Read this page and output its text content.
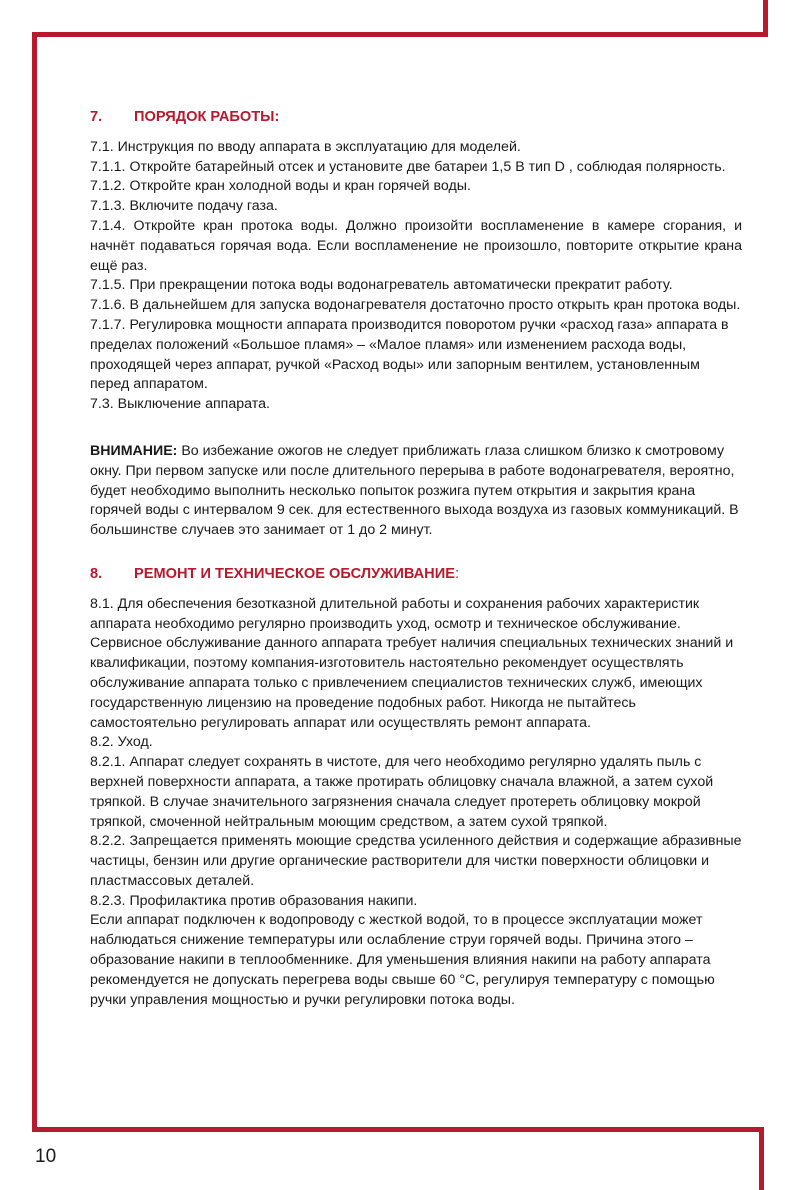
7. ПОРЯДОК РАБОТЫ:

7.1. Инструкция по вводу аппарата в эксплуатацию для моделей.

7.1.1. Откройте батарейный отсек и установите две батареи 1,5 В тип D , соблюдая полярность.

7.1.2. Откройте кран холодной воды и кран горячей воды.

7.1.3. Включите подачу газа.

7.1.4. Откройте кран протока воды. Должно произойти воспламенение в камере сгорания, и начнёт подаваться горячая вода. Если воспламенение не произошло, повторите открытие крана ещё раз.

7.1.5. При прекращении потока воды водонагреватель автоматически прекратит работу.

7.1.6. В дальнейшем для запуска водонагревателя достаточно просто открыть кран протока воды.

7.1.7. Регулировка мощности аппарата производится поворотом ручки «расход газа» аппарата в пределах положений «Большое пламя» – «Малое пламя» или изменением расхода воды, проходящей через аппарат, ручкой «Расход воды» или запорным вентилем, установленным перед аппаратом.

7.3. Выключение аппарата.

ВНИМАНИЕ: Во избежание ожогов не следует приближать глаза слишком близко к смотровому окну. При первом запуске или после длительного перерыва в работе водонагревателя, вероятно, будет необходимо выполнить несколько попыток розжига путем открытия и закрытия крана горячей воды с интервалом 9 сек. для естественного выхода воздуха из газовых коммуникаций. В большинстве случаев это занимает от 1 до 2 минут.

8. РЕМОНТ И ТЕХНИЧЕСКОЕ ОБСЛУЖИВАНИЕ:

8.1. Для обеспечения безотказной длительной работы и сохранения рабочих характеристик аппарата необходимо регулярно производить уход, осмотр и техническое обслуживание. Сервисное обслуживание данного аппарата требует наличия специальных технических знаний и квалификации, поэтому компания-изготовитель настоятельно рекомендует осуществлять обслуживание аппарата только с привлечением специалистов технических служб, имеющих государственную лицензию на проведение подобных работ. Никогда не пытайтесь самостоятельно регулировать аппарат или осуществлять ремонт аппарата.

8.2. Уход.

8.2.1. Аппарат следует сохранять в чистоте, для чего необходимо регулярно удалять пыль с верхней поверхности аппарата, а также протирать облицовку сначала влажной, а затем сухой тряпкой. В случае значительного загрязнения сначала следует протереть облицовку мокрой тряпкой, смоченной нейтральным моющим средством, а затем сухой тряпкой.

8.2.2. Запрещается применять моющие средства усиленного действия и содержащие абразивные частицы, бензин или другие органические растворители для чистки поверхности облицовки и пластмассовых деталей.

8.2.3. Профилактика против образования накипи.

Если аппарат подключен к водопроводу с жесткой водой, то в процессе эксплуатации может наблюдаться снижение температуры или ослабление струи горячей воды. Причина этого – образование накипи в теплообменнике. Для уменьшения влияния накипи на работу аппарата рекомендуется не допускать перегрева воды свыше 60 °С, регулируя температуру с помощью ручки управления мощностью и ручки регулировки потока воды.

10
